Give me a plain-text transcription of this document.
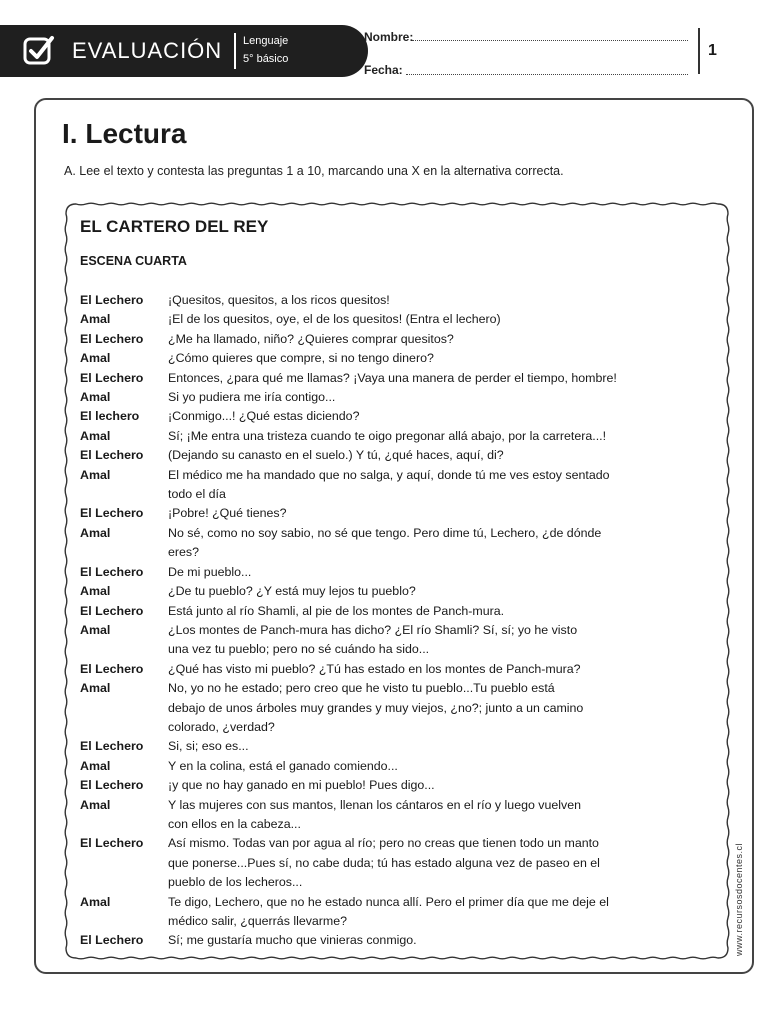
EVALUACIÓN Lenguaje
5° básico
Nombre:
Fecha:
1
I. Lectura
A. Lee el texto y contesta las preguntas 1 a 10, marcando una X en la alternativa correcta.
EL CARTERO DEL REY
ESCENA CUARTA
El Lechero	¡Quesitos, quesitos, a los ricos quesitos!
Amal	¡El de los quesitos, oye, el de los quesitos! (Entra el lechero)
El Lechero	¿Me ha llamado, niño? ¿Quieres comprar quesitos?
Amal	¿Cómo quieres que compre, si no tengo dinero?
El Lechero	Entonces, ¿para qué me llamas? ¡Vaya una manera de perder el tiempo, hombre!
Amal	Si yo pudiera me iría contigo...
El lechero	¡Conmigo...! ¿Qué estas diciendo?
Amal	Sí; ¡Me entra una tristeza cuando te oigo pregonar allá abajo, por la carretera...!
El Lechero	(Dejando su canasto en el suelo.) Y tú, ¿qué haces, aquí, di?
Amal	El médico me ha mandado que no salga, y aquí, donde tú me ves estoy sentado
todo el día
El Lechero	¡Pobre! ¿Qué tienes?
Amal	No sé, como no soy sabio, no sé que tengo. Pero dime tú, Lechero, ¿de dónde
eres?
El Lechero	De mi pueblo...
Amal	¿De tu pueblo? ¿Y está muy lejos tu pueblo?
El Lechero	Está junto al río Shamli, al pie de los montes de Panch-mura.
Amal	¿Los montes de Panch-mura has dicho? ¿El río Shamli? Sí, sí; yo he visto
una vez tu pueblo; pero no sé cuándo ha sido...
El Lechero	¿Qué has visto mi pueblo? ¿Tú has estado en los montes de Panch-mura?
Amal	No, yo no he estado; pero creo que he visto tu pueblo...Tu pueblo está
debajo de unos árboles muy grandes y muy viejos, ¿no?; junto a un camino
colorado, ¿verdad?
El Lechero	Si, si; eso es...
Amal	Y en la colina, está el ganado comiendo...
El Lechero	¡y que no hay ganado en mi pueblo! Pues digo...
Amal	Y las mujeres con sus mantos, llenan los cántaros en el río y luego vuelven
con ellos en la cabeza...
El Lechero	Así mismo. Todas van por agua al río; pero no creas que tienen todo un manto
que ponerse...Pues sí, no cabe duda; tú has estado alguna vez de paseo en el
pueblo de los lecheros...
Amal	Te digo, Lechero, que no he estado nunca allí. Pero el primer día que me deje el
médico salir, ¿querrás llevarme?
El Lechero	Sí; me gustaría mucho que vinieras conmigo.	www.recursosdocentes.cl
